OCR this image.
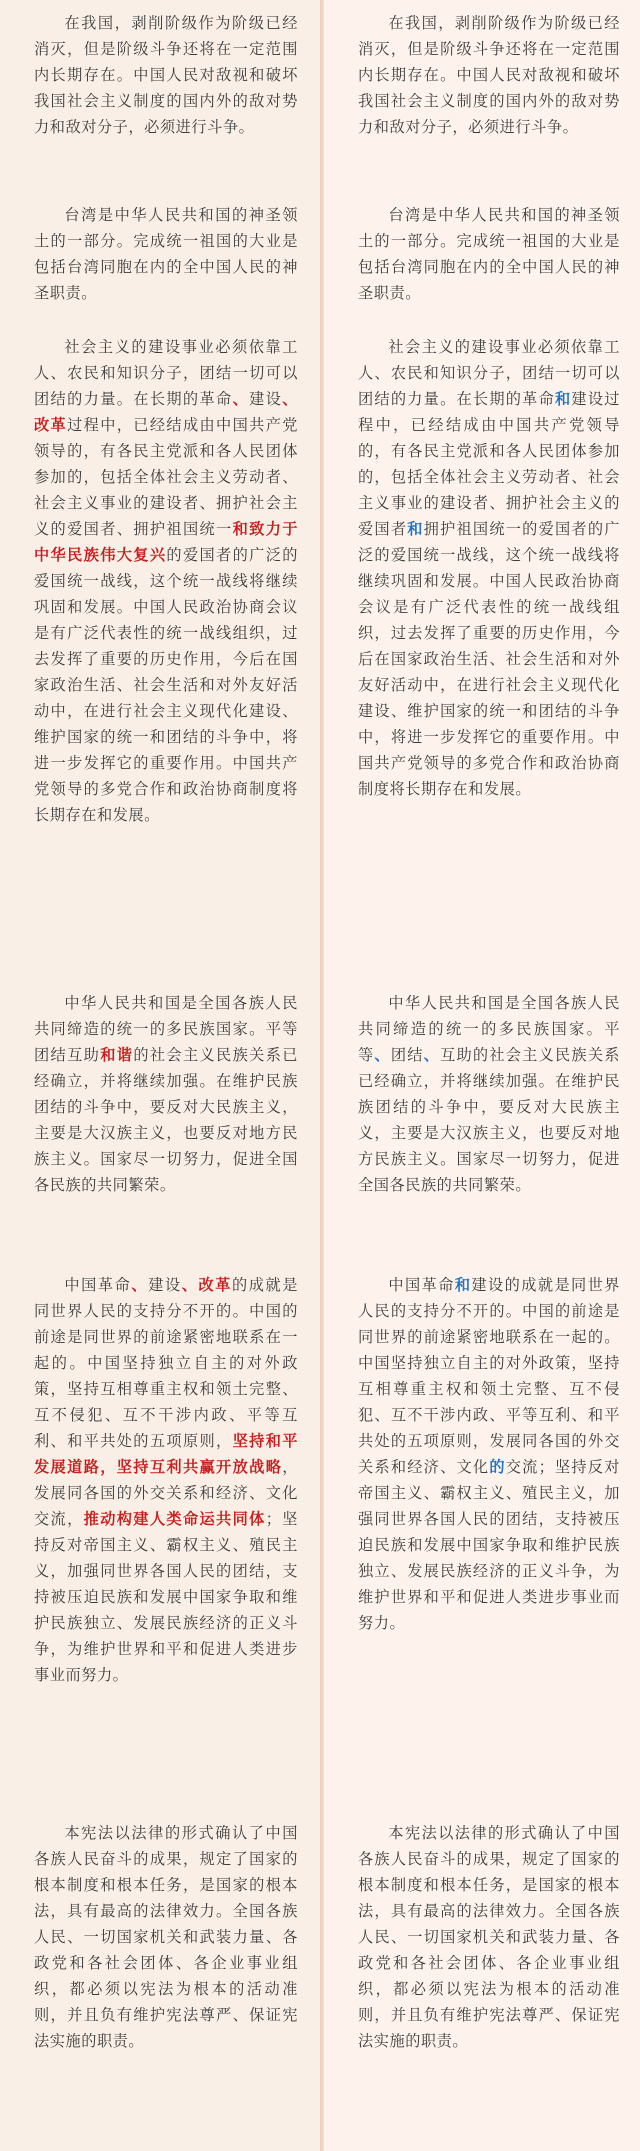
在我国，剥削阶级作为阶级已经消灭，但是阶级斗争还将在一定范围内长期存在。中国人民对敌视和破坏我国社会主义制度的国内外的敌对势力和敌对分子，必须进行斗争。

台湾是中华人民共和国的神圣领土的一部分。完成统一祖国的大业是包括台湾同胞在内的全中国人民的神圣职责。

社会主义的建设事业必须依靠工人、农民和知识分子，团结一切可以团结的力量。在长期的革命、建设、改革过程中，已经结成由中国共产党领导的，有各民主党派和各人民团体参加的，包括全体社会主义劳动者、社会主义事业的建设者、拥护社会主义的爱国者、拥护祖国统一和致力于中华民族伟大复兴的爱国者的广泛的爱国统一战线，这个统一战线将继续巩固和发展。中国人民政治协商会议是有广泛代表性的统一战线组织，过去发挥了重要的历史作用，今后在国家政治生活、社会生活和对外友好活动中，在进行社会主义现代化建设、维护国家的统一和团结的斗争中，将进一步发挥它的重要作用。中国共产党领导的多党合作和政治协商制度将长期存在和发展。

中华人民共和国是全国各族人民共同缔造的统一的多民族国家。平等团结互助和谐的社会主义民族关系已经确立，并将继续加强。在维护民族团结的斗争中，要反对大民族主义，主要是大汉族主义，也要反对地方民族主义。国家尽一切努力，促进全国各民族的共同繁荣。

中国革命、建设、改革的成就是同世界人民的支持分不开的。中国的前途是同世界的前途紧密地联系在一起的。中国坚持独立自主的对外政策，坚持互相尊重主权和领土完整、互不侵犯、互不干涉内政、平等互利、和平共处的五项原则，坚持和平发展道路，坚持互利共赢开放战略，发展同各国的外交关系和经济、文化交流，推动构建人类命运共同体；坚持反对帝国主义、霸权主义、殖民主义，加强同世界各国人民的团结，支持被压迫民族和发展中国家争取和维护民族独立、发展民族经济的正义斗争，为维护世界和平和促进人类进步事业而努力。

本宪法以法律的形式确认了中国各族人民奋斗的成果，规定了国家的根本制度和根本任务，是国家的根本法，具有最高的法律效力。全国各族人民、一切国家机关和武装力量、各政党和各社会团体、各企业事业组织，都必须以宪法为根本的活动准则，并且负有维护宪法尊严、保证宪法实施的职责。

在我国，剥削阶级作为阶级已经消灭，但是阶级斗争还将在一定范围内长期存在。中国人民对敌视和破坏我国社会主义制度的国内外的敌对势力和敌对分子，必须进行斗争。

台湾是中华人民共和国的神圣领土的一部分。完成统一祖国的大业是包括台湾同胞在内的全中国人民的神圣职责。

社会主义的建设事业必须依靠工人、农民和知识分子，团结一切可以团结的力量。在长期的革命和建设过程中，已经结成由中国共产党领导的，有各民主党派和各人民团体参加的，包括全体社会主义劳动者、社会主义事业的建设者、拥护社会主义的爱国者和拥护祖国统一的爱国者的广泛的爱国统一战线，这个统一战线将继续巩固和发展。中国人民政治协商会议是有广泛代表性的统一战线组织，过去发挥了重要的历史作用，今后在国家政治生活、社会生活和对外友好活动中，在进行社会主义现代化建设、维护国家的统一和团结的斗争中，将进一步发挥它的重要作用。中国共产党领导的多党合作和政治协商制度将长期存在和发展。

中华人民共和国是全国各族人民共同缔造的统一的多民族国家。平等、团结、互助的社会主义民族关系已经确立，并将继续加强。在维护民族团结的斗争中，要反对大民族主义，主要是大汉族主义，也要反对地方民族主义。国家尽一切努力，促进全国各民族的共同繁荣。

中国革命和建设的成就是同世界人民的支持分不开的。中国的前途是同世界的前途紧密地联系在一起的。中国坚持独立自主的对外政策，坚持互相尊重主权和领土完整、互不侵犯、互不干涉内政、平等互利、和平共处的五项原则，发展同各国的外交关系和经济、文化的交流；坚持反对帝国主义、霸权主义、殖民主义，加强同世界各国人民的团结，支持被压迫民族和发展中国家争取和维护民族独立、发展民族经济的正义斗争，为维护世界和平和促进人类进步事业而努力。

本宪法以法律的形式确认了中国各族人民奋斗的成果，规定了国家的根本制度和根本任务，是国家的根本法，具有最高的法律效力。全国各族人民、一切国家机关和武装力量、各政党和各社会团体、各企业事业组织，都必须以宪法为根本的活动准则，并且负有维护宪法尊严、保证宪法实施的职责。
